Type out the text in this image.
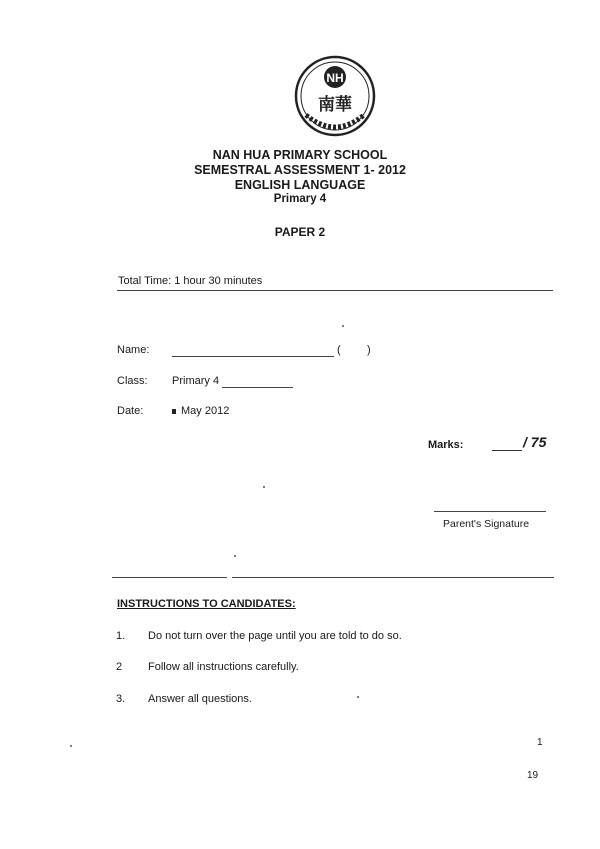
NH
南華
NAN HUA PRIMARY SCHOOL
SEMESTRAL ASSESSMENT 1- 2012
ENGLISH LANGUAGE
Primary 4
PAPER 2
Total Time: 1 hour 30 minutes
Name:	( )
Class: Primary 4
Date:	May 2012
Marks:	/ 75
Parent's Signature
INSTRUCTIONS TO CANDIDATES:
1. Do not turn over the page until you are told to do so.
2 Follow all instructions carefully.
3. Answer all questions.
1
19
